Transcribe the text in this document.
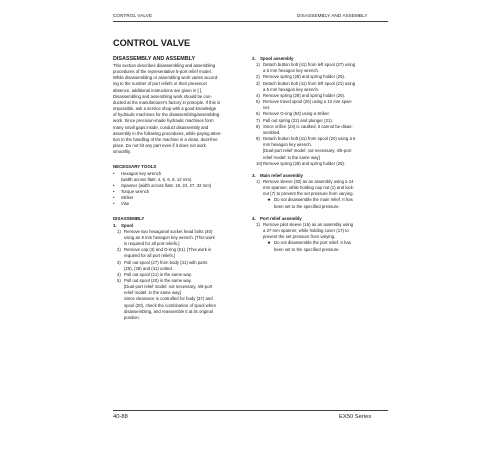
CONTROL VALVE	DISASSEMBLY AND ASSEMBLY
CONTROL VALVE
DISASSEMBLY AND ASSEMBLY
This section describes disassembling and assembling
procedures of the representative 5-port relief model.
While disassembling or assembling work varies accord-
ing to the number of port reliefs or their presence/
absence, additional instructions are given in [ ].
Disassembling and assembling work should be con-
ducted at the manufacturer's factory in principle. If this is
impossible, ask a service shop with a good knowledge
of hydraulic machines for the disassembling/assembling
work. Since precision-made hydraulic machines form
many small gaps inside, conduct disassembly and
assembly in the following procedures, while paying atten-
tion to the handling of the machine in a clean, dust-free
place. Do not hit any part even if it does not work
smoothly.
NECESSARY TOOLS
•	Hexagon key wrench
(width across flats: 4, 5, 6, 8, 12 mm)
•	Spanner (width across flats: 19, 24, 27, 32 mm)
•	Torque wrench
•	Striker
•	Vise
DISASSEMBLY
1. Spool
1) Remove two hexagonal socket head bolts (40)
using an 8 mm hexagon key wrench. [This work
is required for all port reliefs.]
2) Remove cap (3) and O-ring (51). [This work is
required for all port reliefs.]
3) Pull out spool (27) from body (31) with parts
(25), (28) and (41) united.
4) Pull out spool (21) in the same way.
5) Pull out spool (20) in the same way.
[Dual-port relief model: not necessary, 4/5-port
relief model: in the same way]
Since clearance is controlled for body (37) and
spool (20), check the combination of spool when
disassembling, and reassemble it at its original
position.
2. Spool assembly
1) Detach button bolt (41) from left spool (27) using
a 6 mm hexagon key wrench.
2) Remove spring (28) and spring holder (25).
3) Detach button bolt (41) from left spool (21) using
a 6 mm hexagon key wrench.
4) Remove spring (28) and spring holder (25).
5) Remove travel spool (20) using a 12 mm span-
ner.
6) Remove O-ring (53) using a striker.
7) Pull out spring (22) and plunger (21).
8) Since orifice (24) is caulked, it cannot be disas-
sembled.
9) Detach button bolt (41) from spool (20) using a 6
mm hexagon key wrench.
[Dual-port relief model: not necessary, 4/5-port
relief model: in the same way]
10) Remove spring (28) and spring holder (25).
3. Main relief assembly
1) Remove sleeve (30) as an assembly using a 24
mm spanner, while holding cap nut (1) and lock-
nut (7) to prevent the set pressure from varying.
★ Do not disassemble the main relief. It has
been set to the specified pressure.
4. Port relief assembly
1) Remove pilot sleeve (16) as an assembly using
a 27 mm spanner, while holding cover (17) to
prevent the set pressure from varying.
★ Do not disassemble the port relief. It has
been set to the specified pressure.
40-88	EX50 Series
